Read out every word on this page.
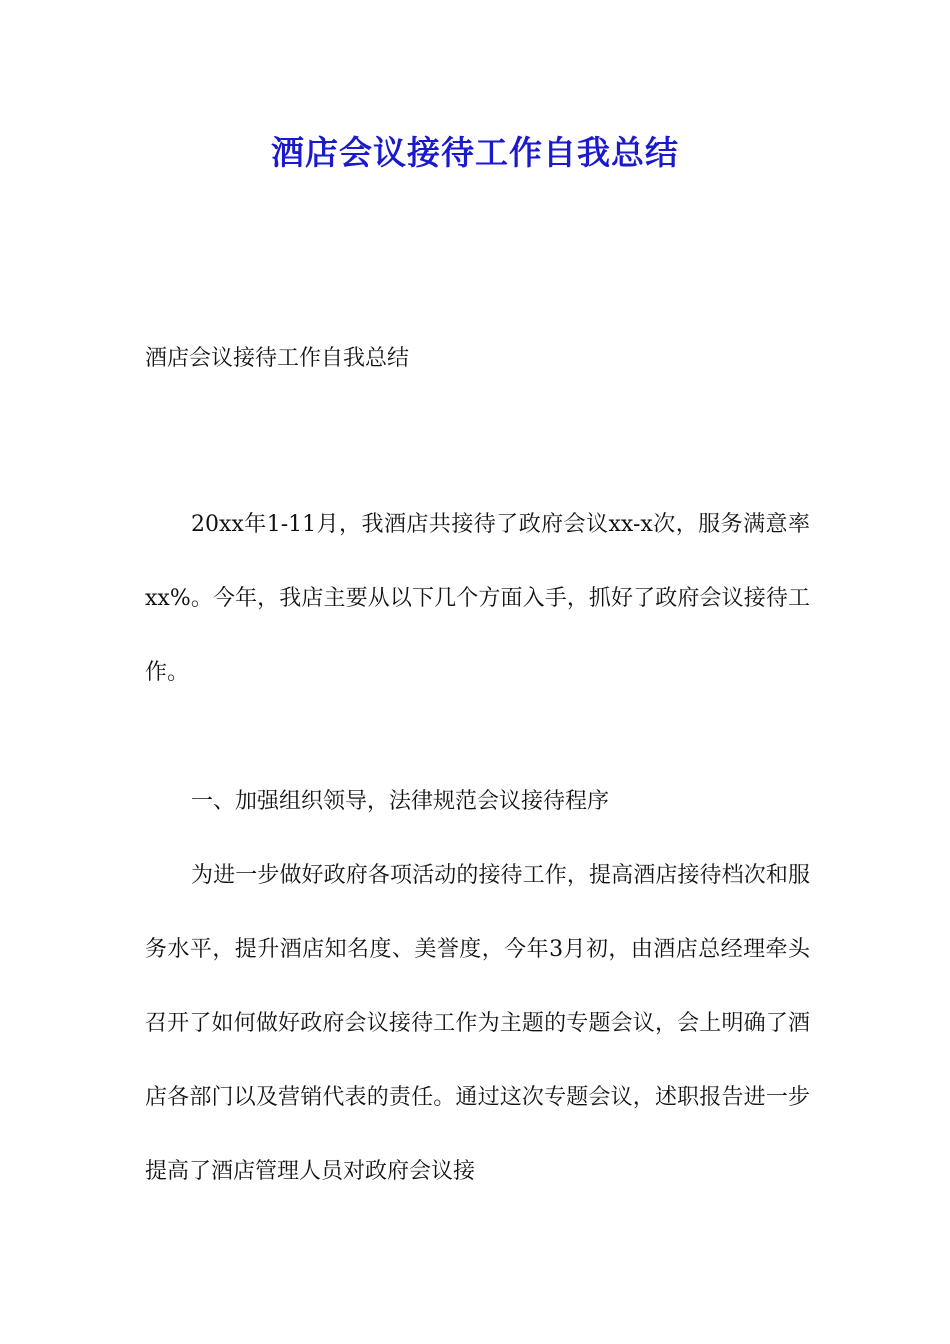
酒店会议接待工作自我总结
酒店会议接待工作自我总结

20xx年1-11月，我酒店共接待了政府会议xx-x次，服务满意率xx%。今年，我店主要从以下几个方面入手，抓好了政府会议接待工作。

一、加强组织领导，法律规范会议接待程序

为进一步做好政府各项活动的接待工作，提高酒店接待档次和服务水平，提升酒店知名度、美誉度，今年3月初，由酒店总经理牵头召开了如何做好政府会议接待工作为主题的专题会议，会上明确了酒店各部门以及营销代表的责任。通过这次专题会议，述职报告进一步提高了酒店管理人员对政府会议接
